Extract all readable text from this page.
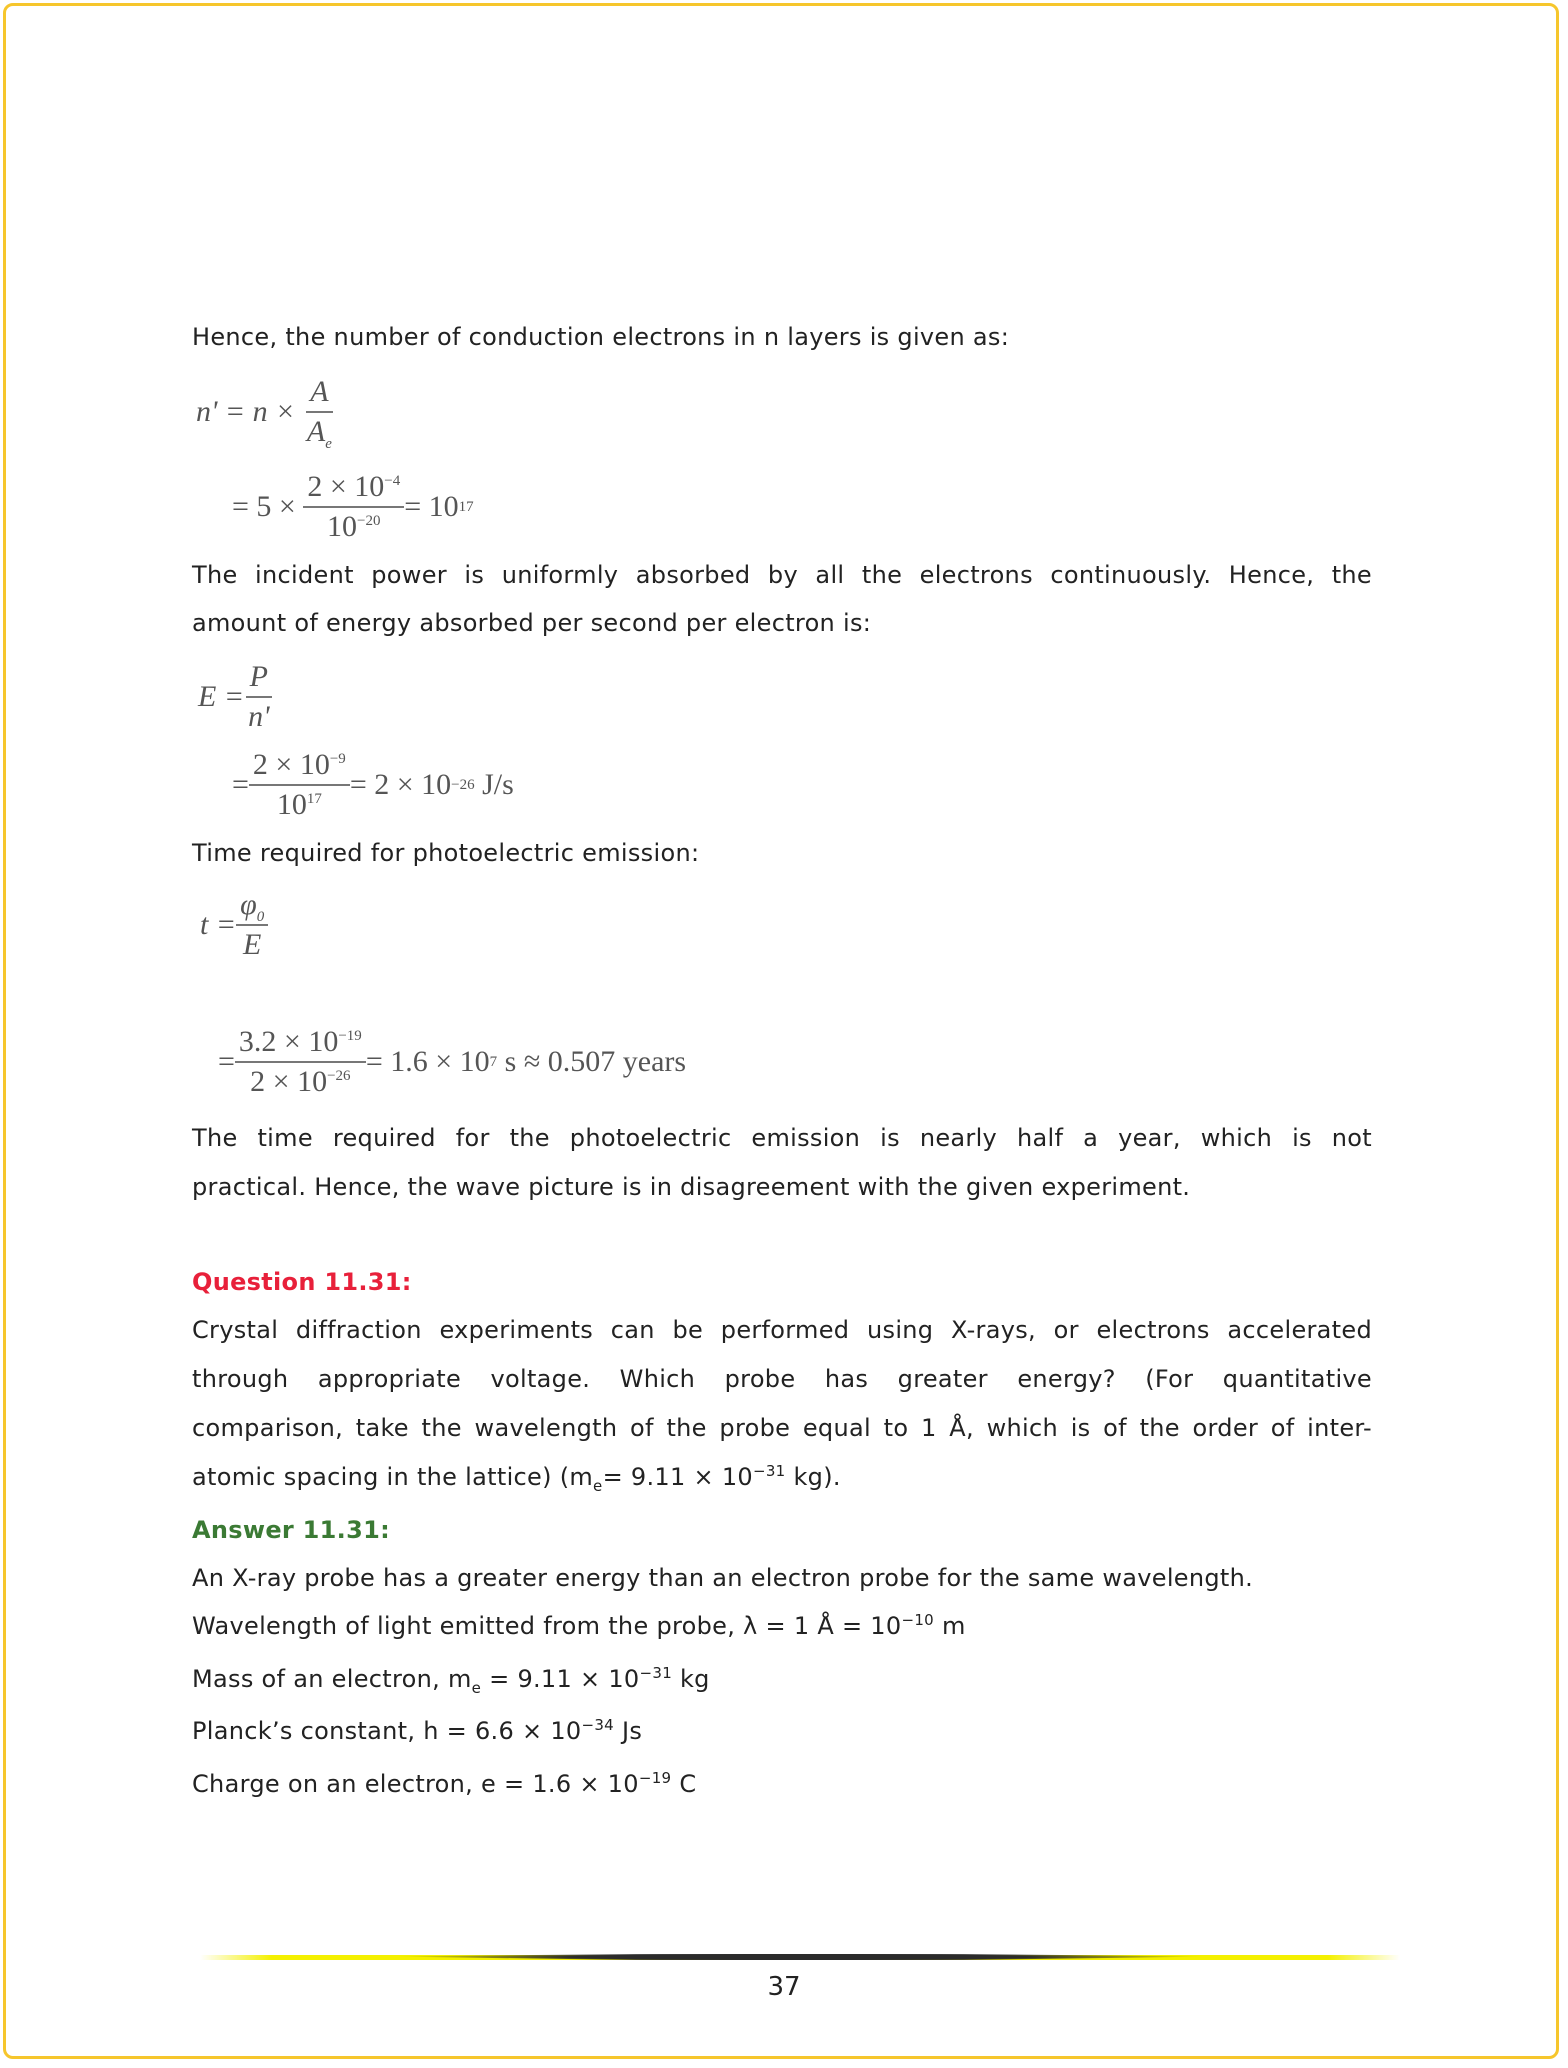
Hence, the number of conduction electrons in n layers is given as:
n' = n ×
$\frac{A}{A_e}$
= 5 ×
$\frac{2 \times 10^{-4}}{10^{-20}} = 10$ 17
The incident power is uniformly absorbed by all the electrons continuously. Hence, the
amount of energy absorbed per second per electron is:
$E = \frac{P}{n'}$
= $\frac{2 \times 10^{-9}}{10^{17}} = 2 \times 10 -26$
J/s
Time required for photoelectric emission:
$t = \frac{\varphi_0}{E}$
= $\frac{3.2 \times 10^{-19}}{2 \times 10^{-26}} = 1.6 \times 10$ 7
s ≈ 0.507 years
The time required for the photoelectric emission is nearly half a year, which is not
practical. Hence, the wave picture is in disagreement with the given experiment.
Question 11.31:
Crystal diffraction experiments can be performed using X-rays, or electrons accelerated
through appropriate voltage. Which probe has greater energy? (For quantitative
comparison, take the wavelength of the probe equal to 1 Å, which is of the order of inter-
atomic spacing in the lattice) ($m_e= 9.11 \times 10^{-31}$ kg).
Answer 11.31:
An X-ray probe has a greater energy than an electron probe for the same wavelength.
Wavelength of light emitted from the probe, λ = 1 Å = $10^{-10}$ m
Mass of an electron, $m_e = 9.11 \times 10^{-31}$ kg
Planck’s constant, $h = 6.6 \times 10^{-34}$ Js
Charge on an electron, $e = 1.6 \times 10^{-19}$ C
37
